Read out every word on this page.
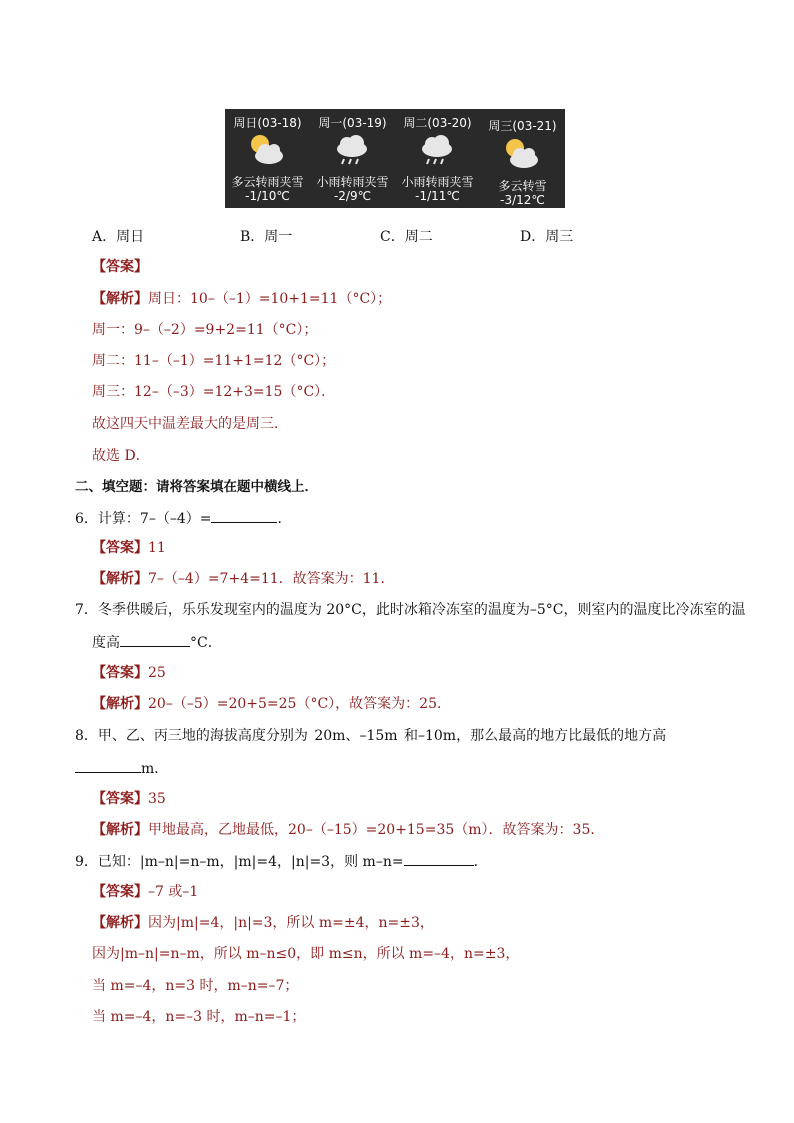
周日(03-18)
多云转雨夹雪
-1/10℃
周一(03-19)
小雨转雨夹雪
-2/9℃
周二(03-20)
小雨转雨夹雪
-1/11℃
周三(03-21)
多云转雪
-3/12℃
A．周日	B．周一	C．周二	D．周三
【答案】
【解析】周日：10–（–1）=10+1=11（°C）；
周一：9–（–2）=9+2=11（°C）；
周二：11–（–1）=11+1=12（°C）；
周三：12–（–3）=12+3=15（°C）．
故这四天中温差最大的是周三．
故选 D．
二、填空题：请将答案填在题中横线上．
6．计算：7–（–4）=	．
【答案】11
【解析】7–（–4）=7+4=11．故答案为：11．
7．冬季供暖后，乐乐发现室内的温度为 20°C，此时冰箱冷冻室的温度为–5°C，则室内的温度比冷冻室的温
度高	°C．
【答案】25
【解析】20–（–5）=20+5=25（°C），故答案为：25．
8．甲、乙、丙三地的海拔高度分别为 20m、–15m 和–10m，那么最高的地方比最低的地方高
m．
【答案】35
【解析】甲地最高，乙地最低，20–（–15）=20+15=35（m）．故答案为：35．
9．已知：|m–n|=n–m，|m|=4，|n|=3，则 m–n=	．
【答案】–7 或–1
【解析】因为|m|=4，|n|=3，所以 m=±4，n=±3，
因为|m–n|=n–m，所以 m–n≤0，即 m≤n，所以 m=–4，n=±3，
当 m=–4，n=3 时，m–n=–7；
当 m=–4，n=–3 时，m–n=–1；
